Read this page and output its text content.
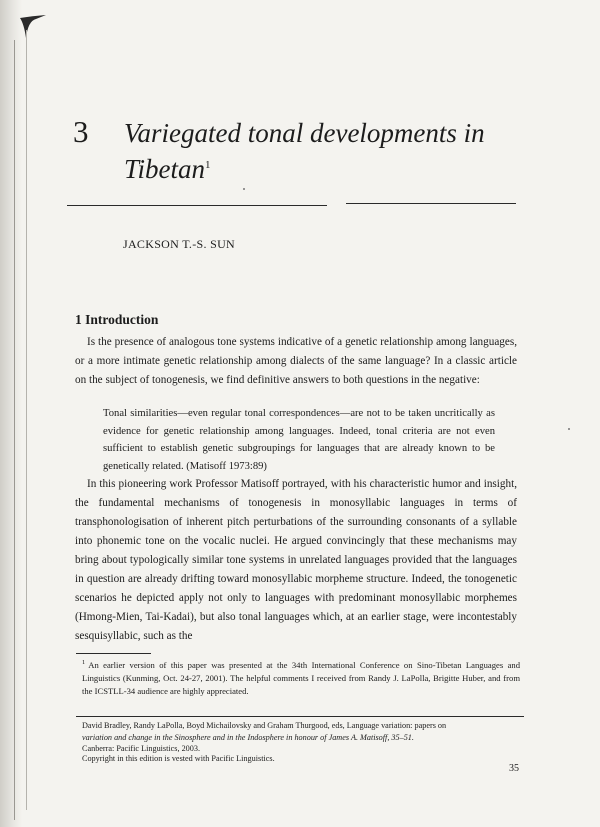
3 Variegated tonal developments in Tibetan$^1$
JACKSON T.-S. SUN
1 Introduction
Is the presence of analogous tone systems indicative of a genetic relationship among languages, or a more intimate genetic relationship among dialects of the same language? In a classic article on the subject of tonogenesis, we find definitive answers to both questions in the negative:
Tonal similarities—even regular tonal correspondences—are not to be taken uncritically as evidence for genetic relationship among languages. Indeed, tonal criteria are not even sufficient to establish genetic subgroupings for languages that are already known to be genetically related. (Matisoff 1973:89)
In this pioneering work Professor Matisoff portrayed, with his characteristic humor and insight, the fundamental mechanisms of tonogenesis in monosyllabic languages in terms of transphonologisation of inherent pitch perturbations of the surrounding consonants of a syllable into phonemic tone on the vocalic nuclei. He argued convincingly that these mechanisms may bring about typologically similar tone systems in unrelated languages provided that the languages in question are already drifting toward monosyllabic morpheme structure. Indeed, the tonogenetic scenarios he depicted apply not only to languages with predominant monosyllabic morphemes (Hmong-Mien, Tai-Kadai), but also tonal languages which, at an earlier stage, were incontestably sesquisyllabic, such as the
$^1$ An earlier version of this paper was presented at the 34th International Conference on Sino-Tibetan Languages and Linguistics (Kunming, Oct. 24-27, 2001). The helpful comments I received from Randy J. LaPolla, Brigitte Huber, and from the ICSTLL-34 audience are highly appreciated.
David Bradley, Randy LaPolla, Boyd Michailovsky and Graham Thurgood, eds, Language variation: papers on
variation and change in the Sinosphere and in the Indosphere in honour of James A. Matisoff, 35–51.
Canberra: Pacific Linguistics, 2003.
Copyright in this edition is vested with Pacific Linguistics.
35
